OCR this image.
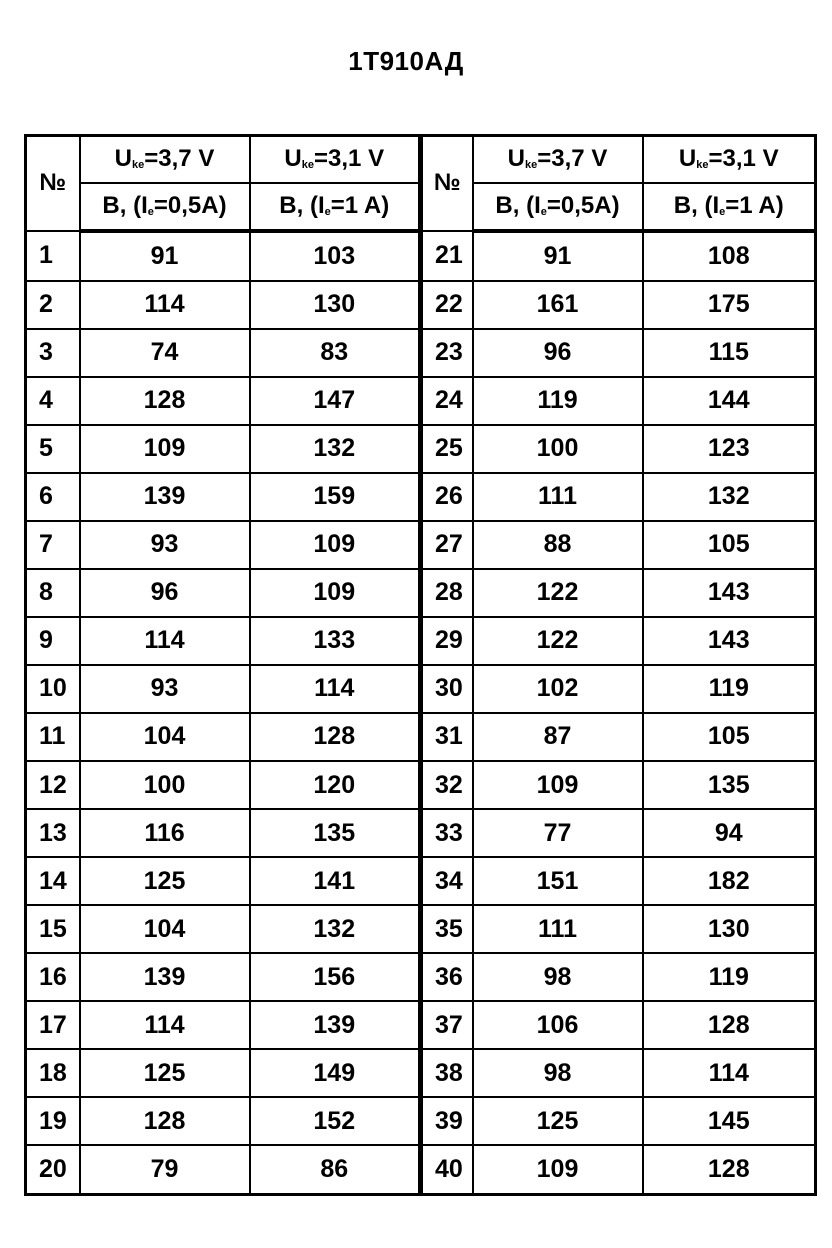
1T910АД
№	$U_{ke}=3,7$ V	$U_{ke}=3,1$ V	№	$U_{ke}=3,7$ V	$U_{ke}=3,1$ V
	B, $(I_e=0,5A)$	B, ($I_e=1$ A)		B, $(I_e=0,5A)$	B, ($I_e=1$ A)
1	91	103	21	91	108
2	114	130	22	161	175
3	74	83	23	96	115
4	128	147	24	119	144
5	109	132	25	100	123
6	139	159	26	111	132
7	93	109	27	88	105
8	96	109	28	122	143
9	114	133	29	122	143
10	93	114	30	102	119
11	104	128	31	87	105
12	100	120	32	109	135
13	116	135	33	77	94
14	125	141	34	151	182
15	104	132	35	111	130
16	139	156	36	98	119
17	114	139	37	106	128
18	125	149	38	98	114
19	128	152	39	125	145
20	79	86	40	109	128
